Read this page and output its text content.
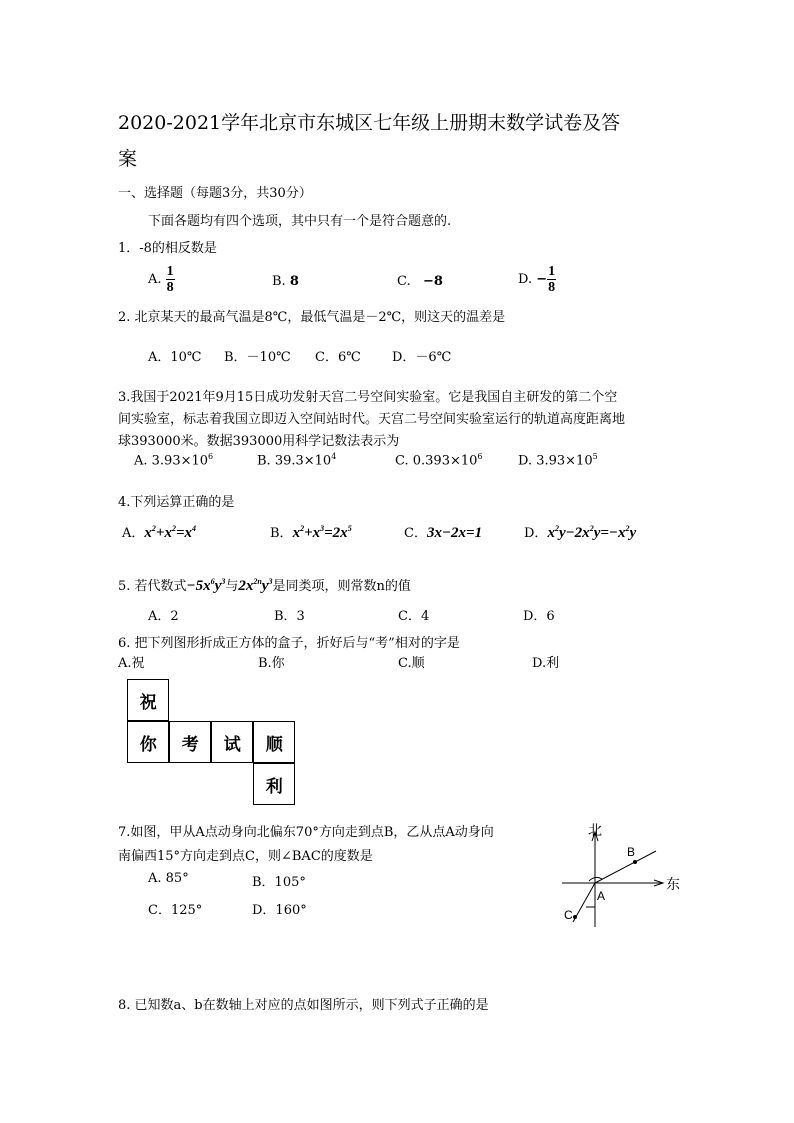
2020-2021学年北京市东城区七年级上册期末数学试卷及答
案
一、选择题（每题3分，共30分）
下面各题均有四个选项，其中只有一个是符合题意的.
1．-8的相反数是
A. $\frac{1}{8}$	B. 8	C. −8	D. − $\frac{1}{8}$
2. 北京某天的最高气温是8℃，最低气温是－2℃，则这天的温差是
A．10℃ B．－10℃ C．6℃ D．－6℃
3.我国于2021年9月15日成功发射天宫二号空间实验室。它是我国自主研发的第二个空
间实验室，标志着我国立即迈入空间站时代。天宫二号空间实验室运行的轨道高度距离地
球393000米。数据393000用科学记数法表示为
A. $3.93\times 10^6$	B. $39.3\times 10^4$	C. $0.393\times 10^6$	D. $3.93\times 10^5$
4.下列运算正确的是
A．$x^2+x^2=x^4$	B．$x^2+x^3=2x^5$	C．3x−2x=1	D．$x^2y-2x^2y=-x^2y$
5. 若代数式$-5x^6y^3$与$2x^{2n}y^3$是同类项，则常数n的值
A．2	B．3	C．4	D．6
6. 把下列图形折成正方体的盒子，折好后与“考”相对的字是
A.祝	B.你	C.顺	D.利
祝
你	考	试	顺
利
7.如图，甲从A点动身向北偏东70°方向走到点B，乙从点A动身向
南偏西15°方向走到点C，则∠BAC的度数是
A. 85°	B．105°
C．125°	D．160°
北
东
A
B
C
8. 已知数a、b在数轴上对应的点如图所示，则下列式子正确的是
